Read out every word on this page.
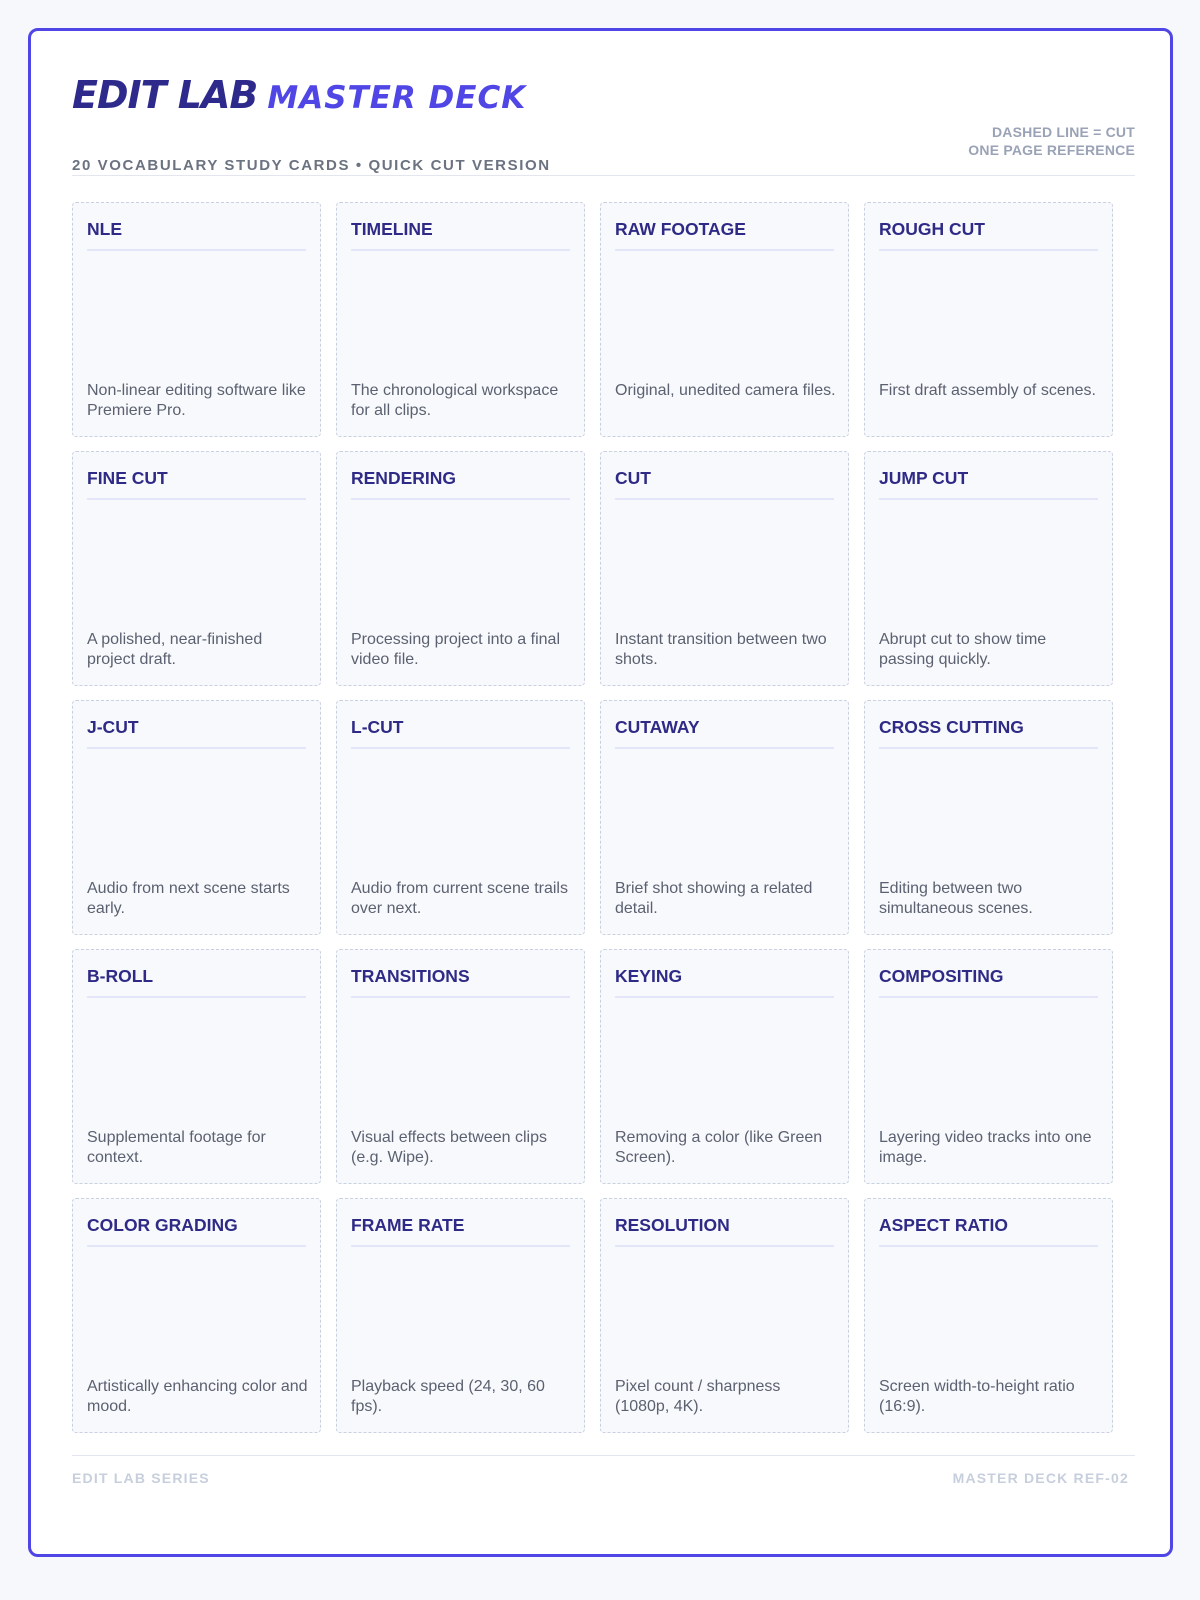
EDIT LAB MASTER DECK
20 VOCABULARY STUDY CARDS • QUICK CUT VERSION
DASHED LINE = CUT
ONE PAGE REFERENCE
NLE
Non-linear editing software like Premiere Pro.
TIMELINE
The chronological workspace for all clips.
RAW FOOTAGE
Original, unedited camera files.
ROUGH CUT
First draft assembly of scenes.
FINE CUT
A polished, near-finished project draft.
RENDERING
Processing project into a final video file.
CUT
Instant transition between two shots.
JUMP CUT
Abrupt cut to show time passing quickly.
J-CUT
Audio from next scene starts early.
L-CUT
Audio from current scene trails over next.
CUTAWAY
Brief shot showing a related detail.
CROSS CUTTING
Editing between two simultaneous scenes.
B-ROLL
Supplemental footage for context.
TRANSITIONS
Visual effects between clips (e.g. Wipe).
KEYING
Removing a color (like Green Screen).
COMPOSITING
Layering video tracks into one image.
COLOR GRADING
Artistically enhancing color and mood.
FRAME RATE
Playback speed (24, 30, 60 fps).
RESOLUTION
Pixel count / sharpness (1080p, 4K).
ASPECT RATIO
Screen width-to-height ratio (16:9).
EDIT LAB SERIES	MASTER DECK REF-02
